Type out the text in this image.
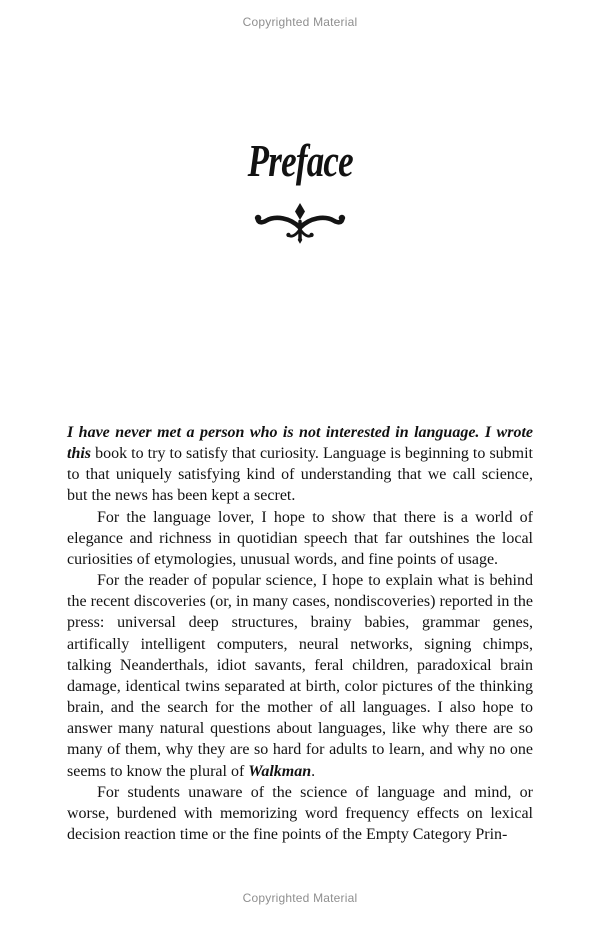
Copyrighted Material
Preface

I have never met a person who is not interested in language. I wrote this book to try to satisfy that curiosity. Language is beginning to submit to that uniquely satisfying kind of understanding that we call science, but the news has been kept a secret.

For the language lover, I hope to show that there is a world of elegance and richness in quotidian speech that far outshines the local curiosities of etymologies, unusual words, and fine points of usage.

For the reader of popular science, I hope to explain what is behind the recent discoveries (or, in many cases, nondiscoveries) reported in the press: universal deep structures, brainy babies, grammar genes, artifically intelligent computers, neural networks, signing chimps, talking Neanderthals, idiot savants, feral children, paradoxical brain damage, identical twins separated at birth, color pictures of the thinking brain, and the search for the mother of all languages. I also hope to answer many natural questions about languages, like why there are so many of them, why they are so hard for adults to learn, and why no one seems to know the plural of Walkman.

For students unaware of the science of language and mind, or worse, burdened with memorizing word frequency effects on lexical decision reaction time or the fine points of the Empty Category Prin-

Copyrighted Material
